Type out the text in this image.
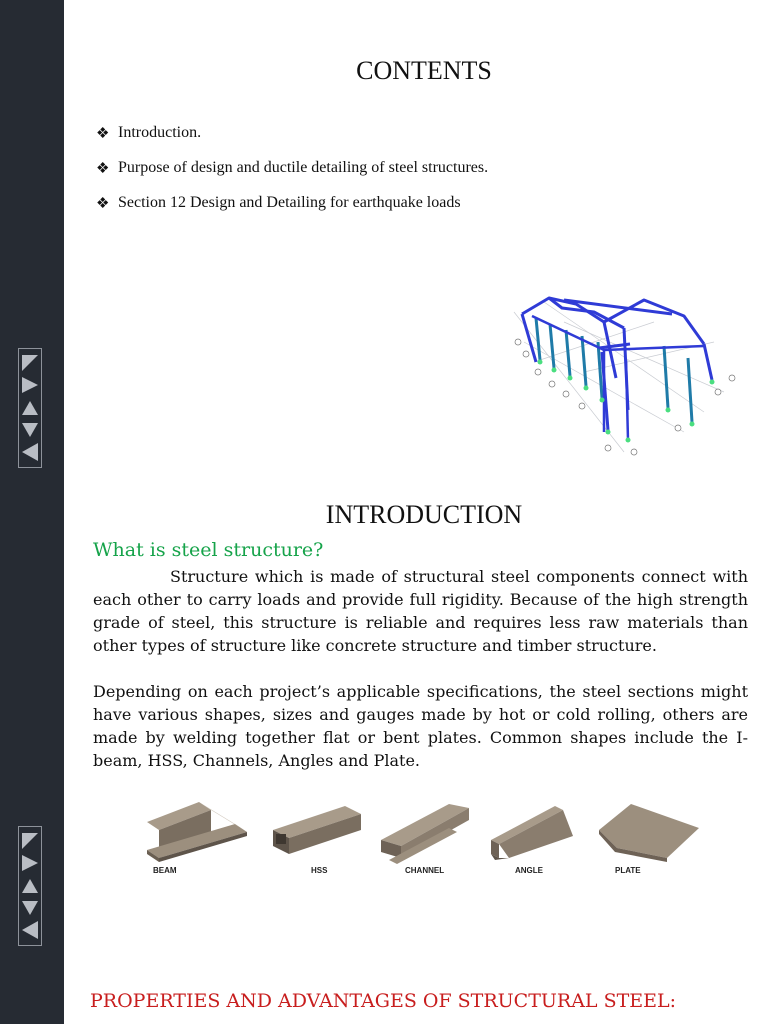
CONTENTS
❖ Introduction.
❖ Purpose of design and ductile detailing of steel structures.
❖ Section 12 Design and Detailing for earthquake loads
INTRODUCTION
What is steel structure?

Structure which is made of structural steel components connect with each other to carry loads and provide full rigidity. Because of the high strength grade of steel, this structure is reliable and requires less raw materials than other types of structure like concrete structure and timber structure.

Depending on each project’s applicable specifications, the steel sections might have various shapes, sizes and gauges made by hot or cold rolling, others are made by welding together flat or bent plates. Common shapes include the I-beam, HSS, Channels, Angles and Plate.

BEAM	HSS	CHANNEL	ANGLE	PLATE
PROPERTIES AND ADVANTAGES OF STRUCTURAL STEEL:
